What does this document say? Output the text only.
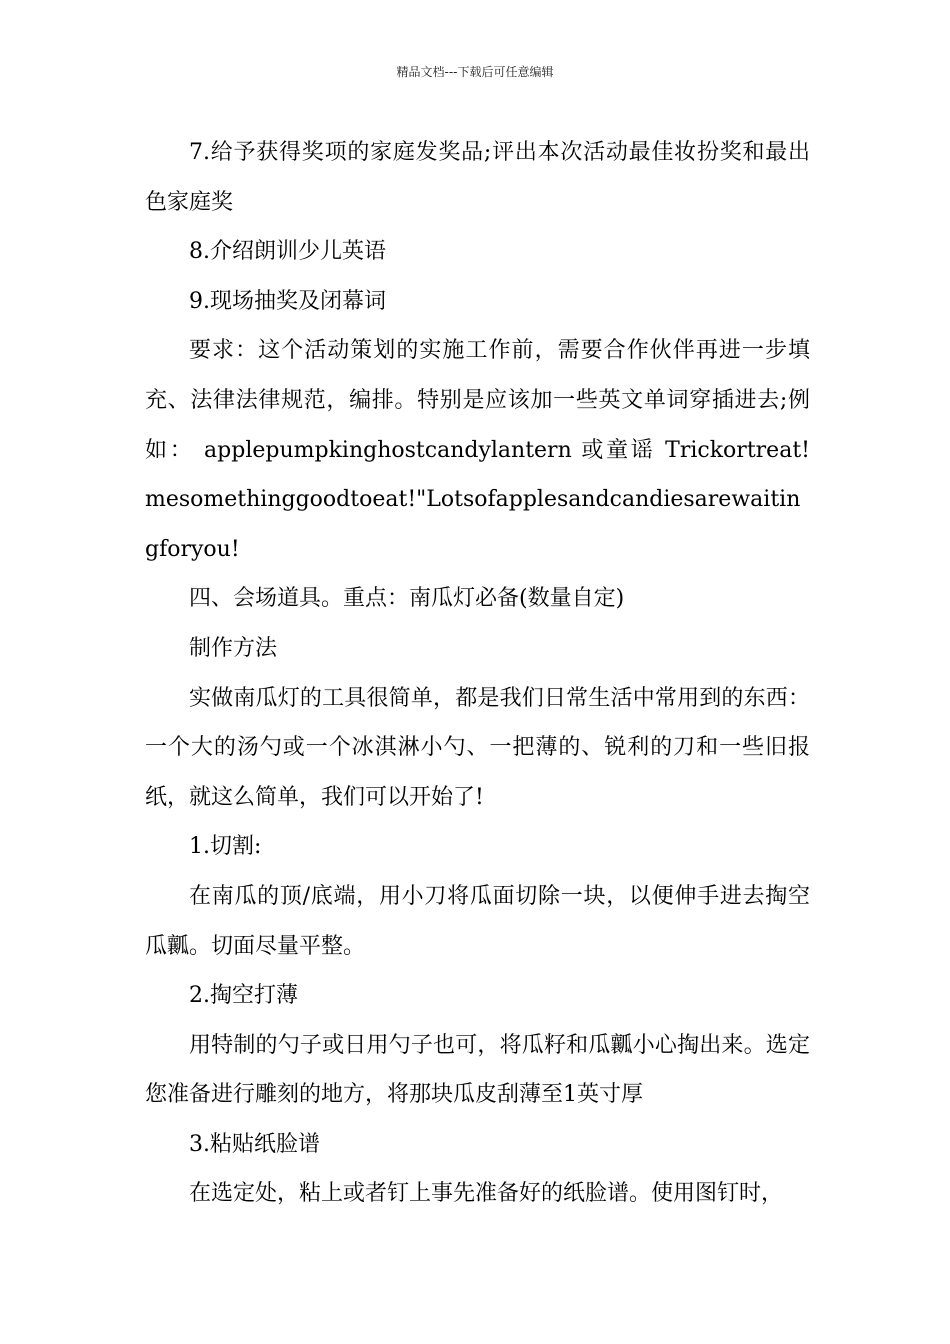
精品文档---下载后可任意编辑

7.给予获得奖项的家庭发奖品;评出本次活动最佳妆扮奖和最出色家庭奖

8.介绍朗训少儿英语

9.现场抽奖及闭幕词

要求：这个活动策划的实施工作前，需要合作伙伴再进一步填充、法律法律规范，编排。特别是应该加一些英文单词穿插进去;例如： applepumpkinghostcandylantern 或童谣 Trickortreat! mesomethinggoodtoeat!"Lotsofapplesandcandiesarewaitingforyou!

四、会场道具。重点：南瓜灯必备(数量自定)

制作方法

实做南瓜灯的工具很简单，都是我们日常生活中常用到的东西：一个大的汤勺或一个冰淇淋小勺、一把薄的、锐利的刀和一些旧报纸，就这么简单，我们可以开始了!

1.切割:

在南瓜的顶/底端，用小刀将瓜面切除一块，以便伸手进去掏空瓜瓤。切面尽量平整。

2.掏空打薄

用特制的勺子或日用勺子也可，将瓜籽和瓜瓤小心掏出来。选定您准备进行雕刻的地方，将那块瓜皮刮薄至1英寸厚

3.粘贴纸脸谱

在选定处，粘上或者钉上事先准备好的纸脸谱。使用图钉时，
